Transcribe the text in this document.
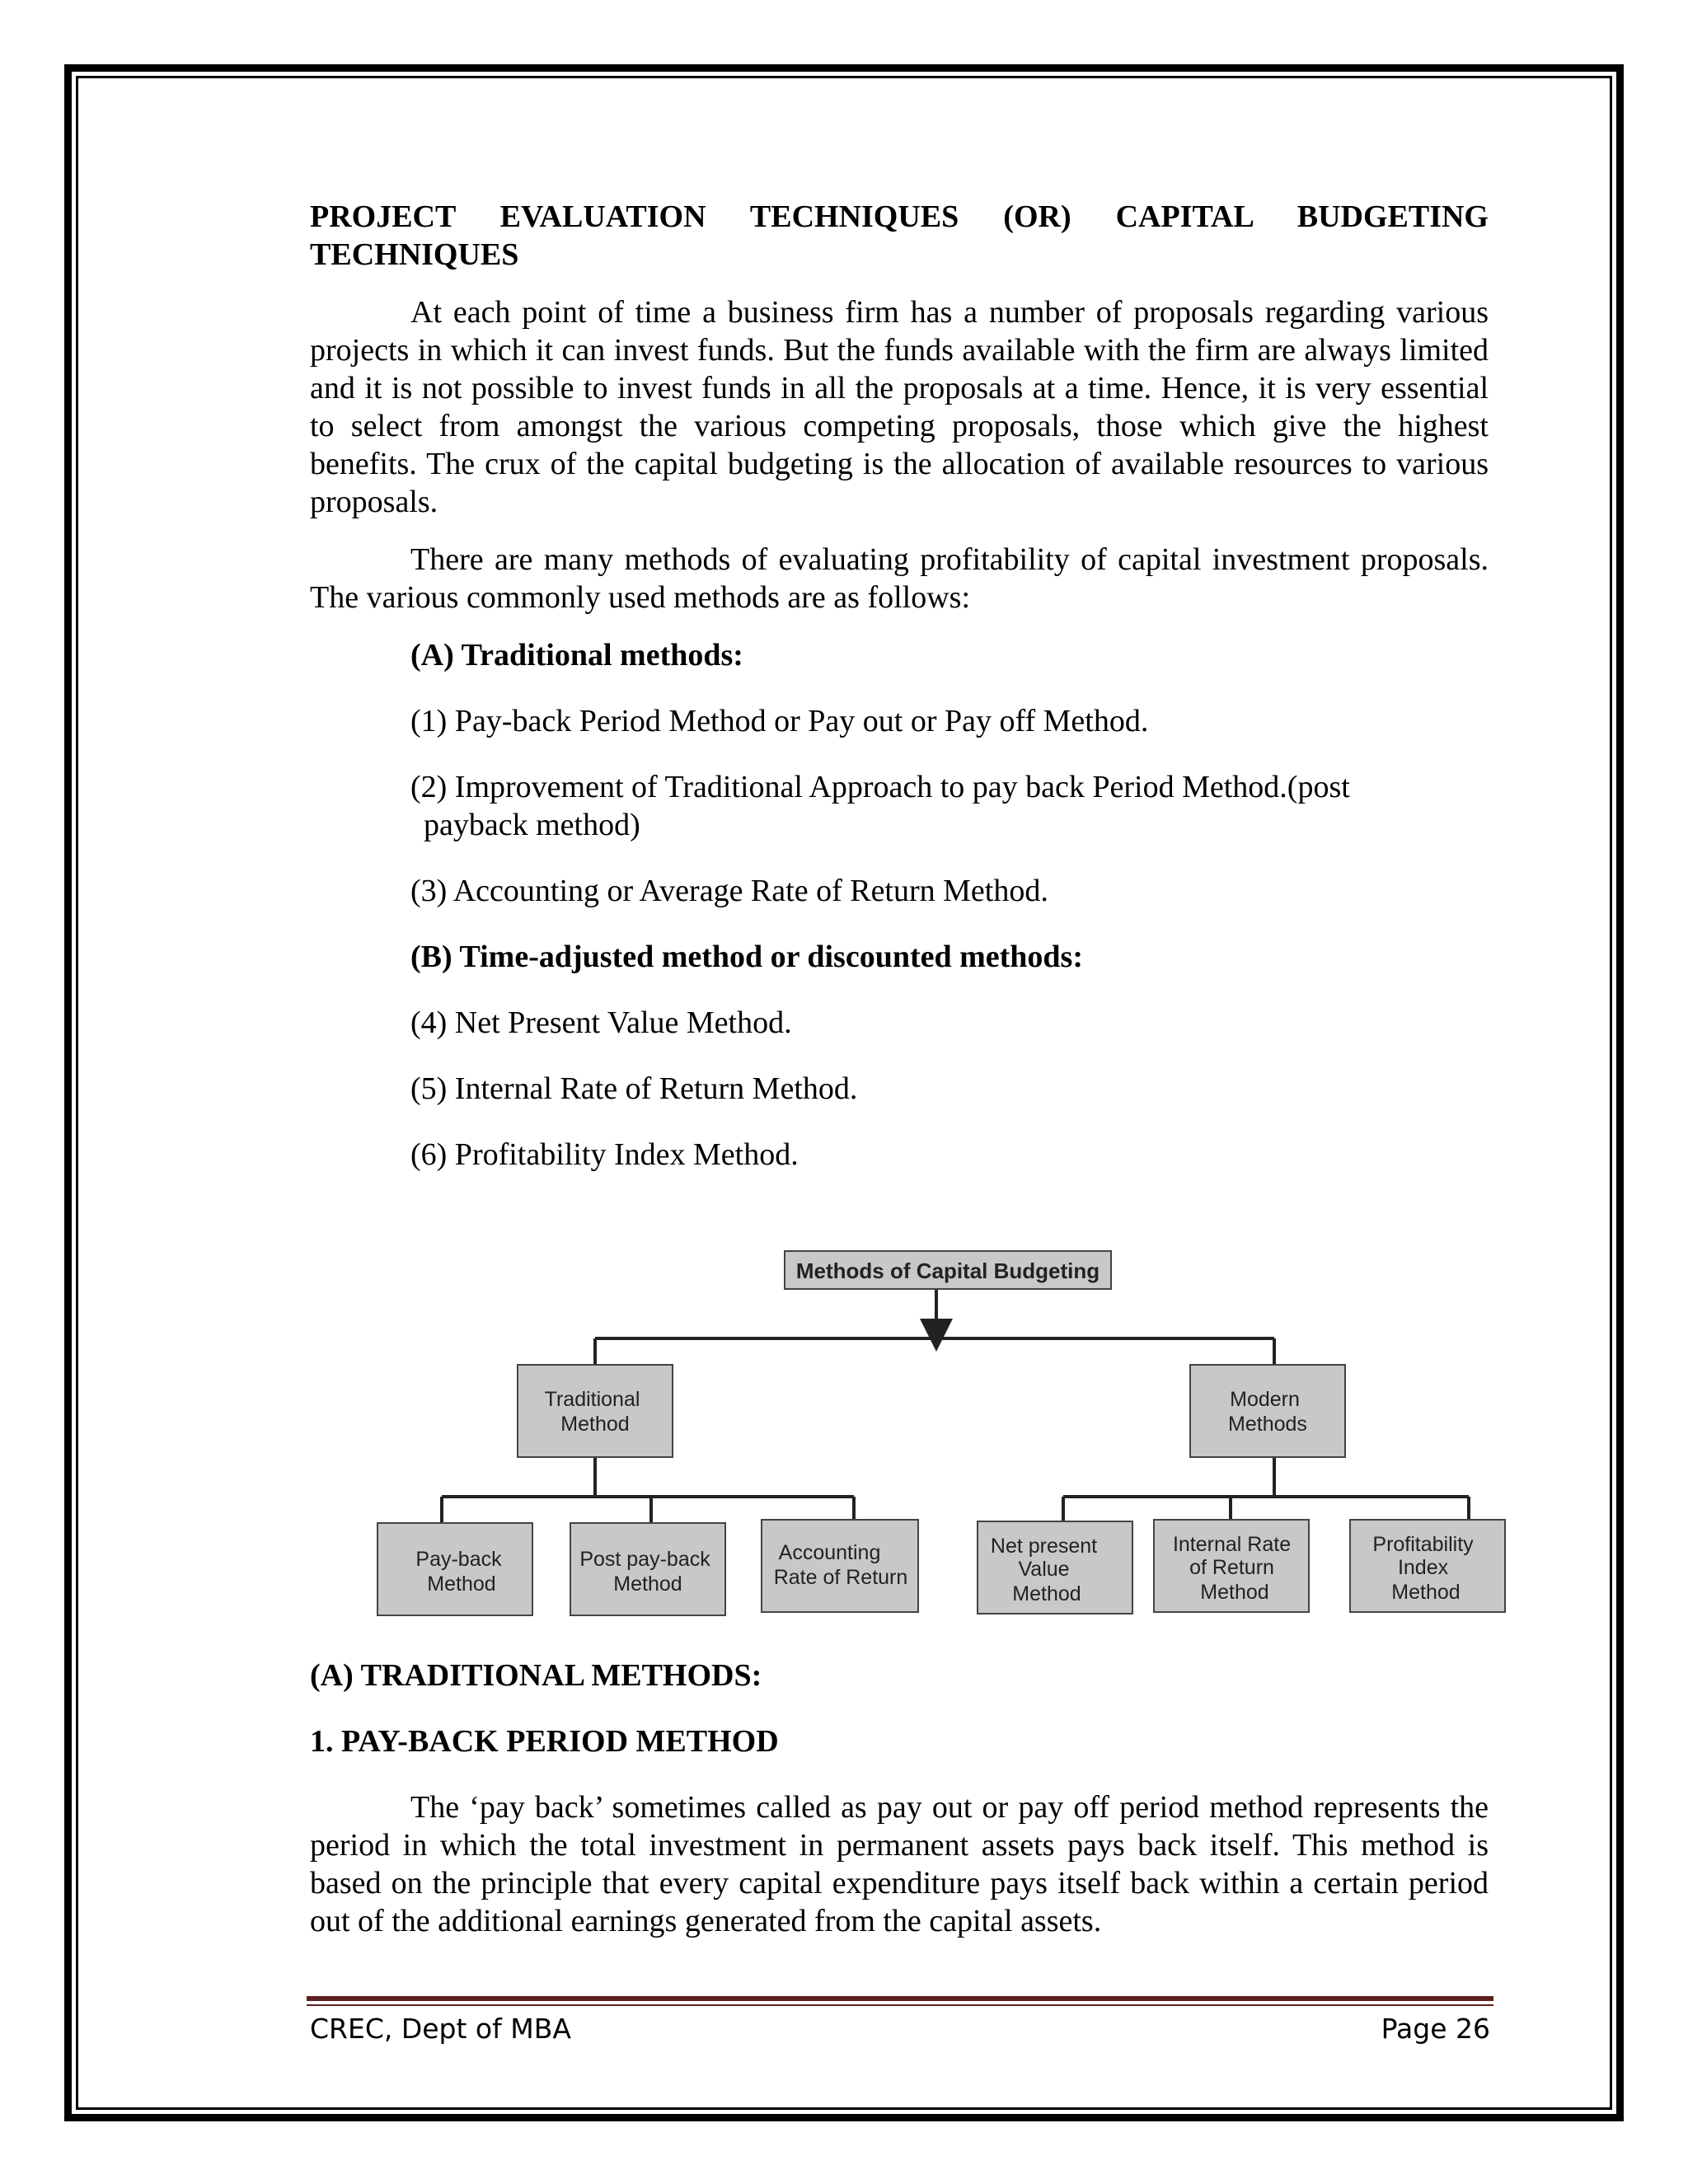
PROJECT EVALUATION TECHNIQUES (OR) CAPITAL BUDGETING TECHNIQUES

At each point of time a business firm has a number of proposals regarding various projects in which it can invest funds. But the funds available with the firm are always limited and it is not possible to invest funds in all the proposals at a time. Hence, it is very essential to select from amongst the various competing proposals, those which give the highest benefits. The crux of the capital budgeting is the allocation of available resources to various proposals.

There are many methods of evaluating profitability of capital investment proposals. The various commonly used methods are as follows:

(A) Traditional methods:
(1) Pay-back Period Method or Pay out or Pay off Method.
(2) Improvement of Traditional Approach to pay back Period Method.(post
payback method)
(3) Accounting or Average Rate of Return Method.
(B) Time-adjusted method or discounted methods:
(4) Net Present Value Method.
(5) Internal Rate of Return Method.
(6) Profitability Index Method.
Methods of Capital Budgeting
Traditional Method
Modern Methods
Pay-back Method
Post pay-back Method
Accounting Rate of Return
Net present Value Method
Internal Rate of Return Method
Profitability Index Method
(A) TRADITIONAL METHODS:
1. PAY-BACK PERIOD METHOD

The ‘pay back’ sometimes called as pay out or pay off period method represents the period in which the total investment in permanent assets pays back itself. This method is based on the principle that every capital expenditure pays itself back within a certain period out of the additional earnings generated from the capital assets.

CREC, Dept of MBA	Page 26
